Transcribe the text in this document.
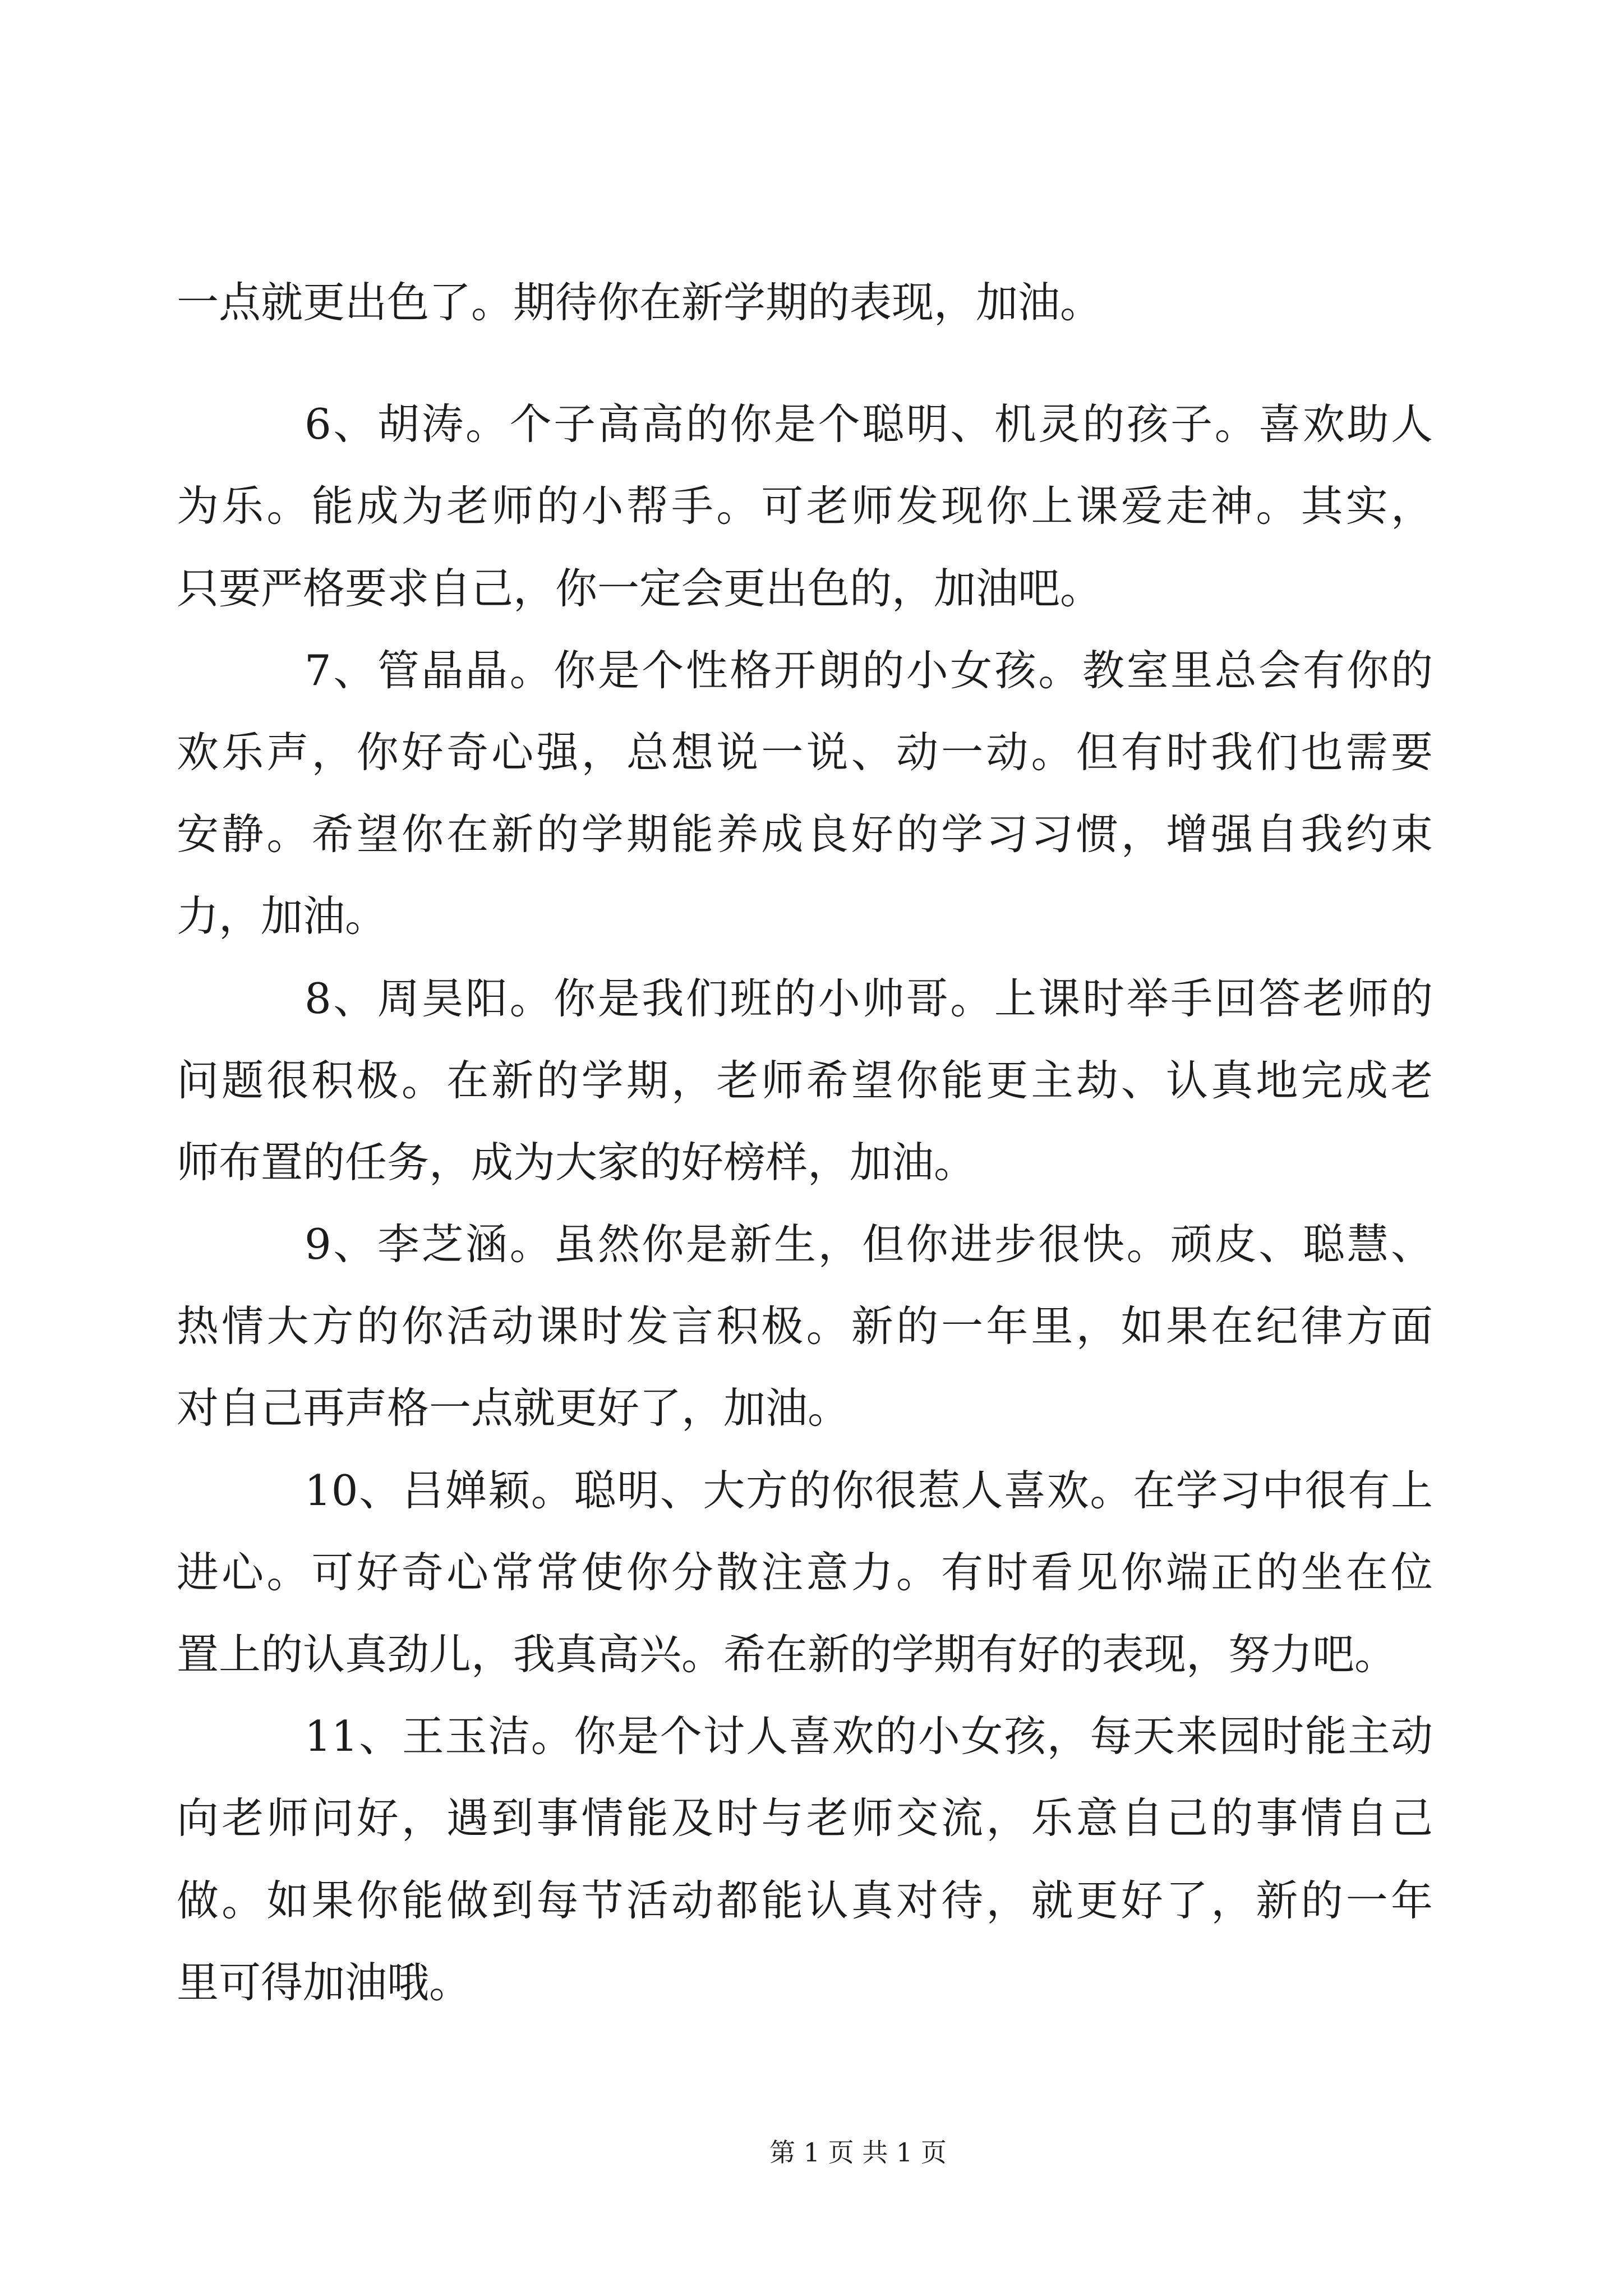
一点就更出色了。期待你在新学期的表现，加油。
6、胡涛。个子高高的你是个聪明、机灵的孩子。喜欢助人
为乐。能成为老师的小帮手。可老师发现你上课爱走神。其实，
只要严格要求自己，你一定会更出色的，加油吧。
7、管晶晶。你是个性格开朗的小女孩。教室里总会有你的
欢乐声，你好奇心强，总想说一说、动一动。但有时我们也需要
安静。希望你在新的学期能养成良好的学习习惯，增强自我约束
力，加油。
8、周昊阳。你是我们班的小帅哥。上课时举手回答老师的
问题很积极。在新的学期，老师希望你能更主劫、认真地完成老
师布置的任务，成为大家的好榜样，加油。
9、李芝涵。虽然你是新生，但你进步很快。顽皮、聪慧、
热情大方的你活动课时发言积极。新的一年里，如果在纪律方面
对自己再声格一点就更好了，加油。
10、吕婵颖。聪明、大方的你很惹人喜欢。在学习中很有上
进心。可好奇心常常使你分散注意力。有时看见你端正的坐在位
置上的认真劲儿，我真高兴。希在新的学期有好的表现，努力吧。
11、王玉洁。你是个讨人喜欢的小女孩，每天来园时能主动
向老师问好，遇到事情能及时与老师交流，乐意自己的事情自己
做。如果你能做到每节活动都能认真对待，就更好了，新的一年
里可得加油哦。
第 1 页 共 1 页
